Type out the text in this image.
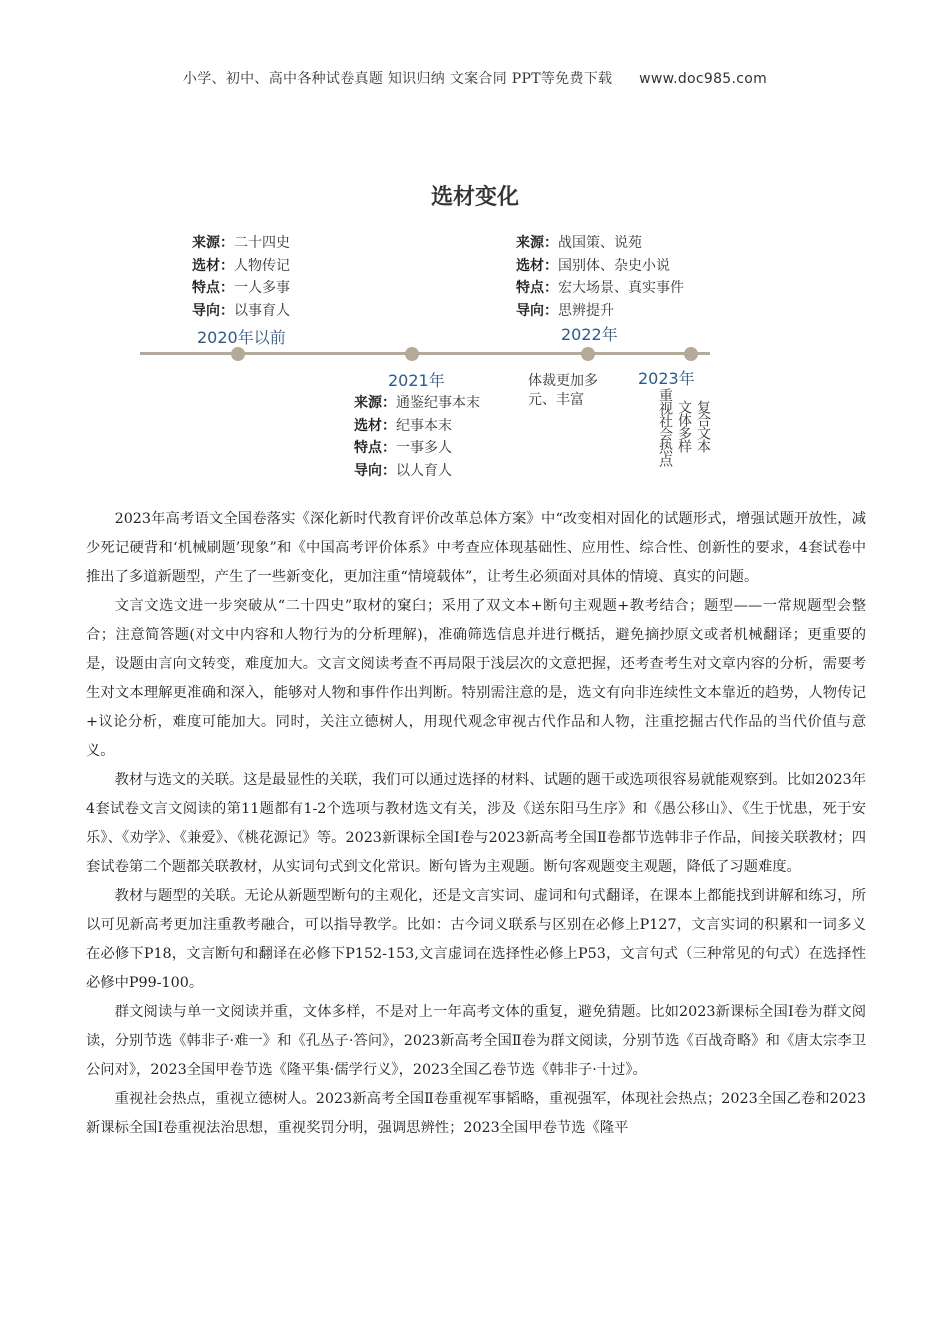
小学、初中、高中各种试卷真题 知识归纳 文案合同 PPT等免费下载 www.doc985.com
选材变化
来源：二十四史
选材：人物传记
特点：一人多事
导向：以事育人
2020年以前
来源：战国策、说苑
选材：国别体、杂史小说
特点：宏大场景、真实事件
导向：思辨提升
2022年
2021年
来源：通鉴纪事本末
选材：纪事本末
特点：一事多人
导向：以人育人
体裁更加多
元、丰富
2023年
重视社会热点 文体多样 复合文本

2023年高考语文全国卷落实《深化新时代教育评价改革总体方案》中“改变相对固化的试题形式，增强试题开放性，减少死记硬背和‘机械刷题’现象”和《中国高考评价体系》中考查应体现基础性、应用性、综合性、创新性的要求，4套试卷中推出了多道新题型，产生了一些新变化，更加注重“情境载体”，让考生必须面对具体的情境、真实的问题。

文言文选文进一步突破从“二十四史”取材的窠臼；采用了双文本+断句主观题+教考结合；题型——一常规题型会整合；注意简答题(对文中内容和人物行为的分析理解)，准确筛选信息并进行概括，避免摘抄原文或者机械翻译；更重要的是，设题由言向文转变，难度加大。文言文阅读考查不再局限于浅层次的文意把握，还考查考生对文章内容的分析，需要考生对文本理解更准确和深入，能够对人物和事件作出判断。特别需注意的是，选文有向非连续性文本靠近的趋势，人物传记+议论分析，难度可能加大。同时，关注立德树人，用现代观念审视古代作品和人物，注重挖掘古代作品的当代价值与意义。

教材与选文的关联。这是最显性的关联，我们可以通过选择的材料、试题的题干或选项很容易就能观察到。比如2023年4套试卷文言文阅读的第11题都有1-2个选项与教材选文有关，涉及《送东阳马生序》和《愚公移山》、《生于忧患，死于安乐》、《劝学》、《兼爱》、《桃花源记》等。2023新课标全国Ⅰ卷与2023新高考全国Ⅱ卷都节选韩非子作品，间接关联教材；四套试卷第二个题都关联教材，从实词句式到文化常识。断句皆为主观题。断句客观题变主观题，降低了习题难度。

教材与题型的关联。无论从新题型断句的主观化，还是文言实词、虚词和句式翻译，在课本上都能找到讲解和练习，所以可见新高考更加注重教考融合，可以指导教学。比如：古今词义联系与区别在必修上P127，文言实词的积累和一词多义在必修下P18，文言断句和翻译在必修下P152-153,文言虚词在选择性必修上P53，文言句式（三种常见的句式）在选择性必修中P99-100。

群文阅读与单一文阅读并重，文体多样，不是对上一年高考文体的重复，避免猜题。比如2023新课标全国Ⅰ卷为群文阅读，分别节选《韩非子·难一》和《孔丛子·答问》，2023新高考全国Ⅱ卷为群文阅读，分别节选《百战奇略》和《唐太宗李卫公问对》，2023全国甲卷节选《隆平集·儒学行义》，2023全国乙卷节选《韩非子·十过》。

重视社会热点，重视立德树人。2023新高考全国Ⅱ卷重视军事韬略，重视强军，体现社会热点；2023全国乙卷和2023新课标全国Ⅰ卷重视法治思想，重视奖罚分明，强调思辨性；2023全国甲卷节选《隆平
